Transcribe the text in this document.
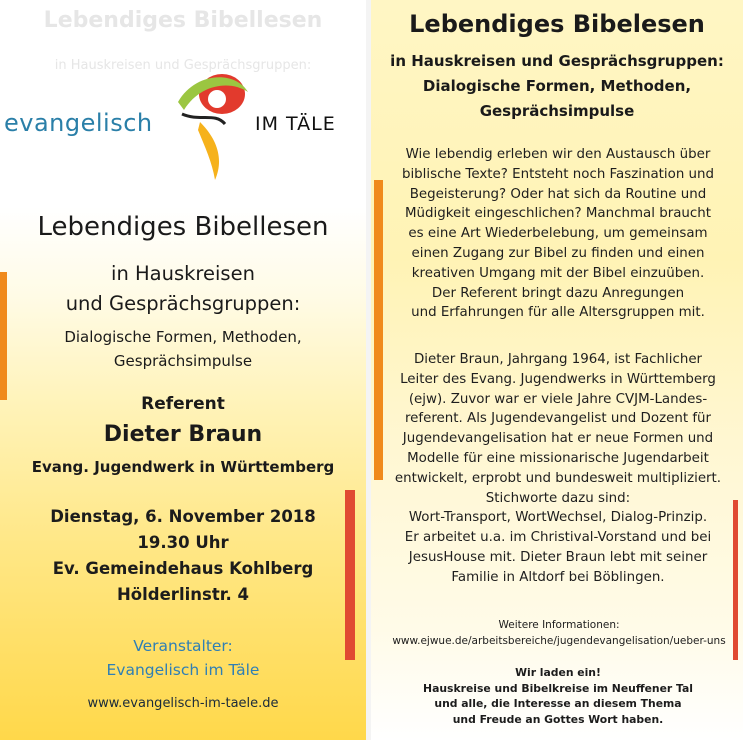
Lebendiges Bibellesen
in Hauskreisen und Gesprächsgruppen:
evangelisch	IM TÄLE
Lebendiges Bibellesen
in Hauskreisen
und Gesprächsgruppen:
Dialogische Formen, Methoden,
Gesprächsimpulse
Referent
Dieter Braun
Evang. Jugendwerk in Württemberg
Dienstag, 6. November 2018
19.30 Uhr
Ev. Gemeindehaus Kohlberg
Hölderlinstr. 4
Veranstalter:
Evangelisch im Täle
www.evangelisch-im-taele.de
Lebendiges Bibelesen
in Hauskreisen und Gesprächsgruppen:
Dialogische Formen, Methoden,
Gesprächsimpulse
Wie lebendig erleben wir den Austausch über
biblische Texte? Entsteht noch Faszination und
Begeisterung? Oder hat sich da Routine und
Müdigkeit eingeschlichen? Manchmal braucht
es eine Art Wiederbelebung, um gemeinsam
einen Zugang zur Bibel zu finden und einen
kreativen Umgang mit der Bibel einzuüben.
Der Referent bringt dazu Anregungen
und Erfahrungen für alle Altersgruppen mit.
Dieter Braun, Jahrgang 1964, ist Fachlicher
Leiter des Evang. Jugendwerks in Württemberg
(ejw). Zuvor war er viele Jahre CVJM-Landes-
referent. Als Jugendevangelist und Dozent für
Jugendevangelisation hat er neue Formen und
Modelle für eine missionarische Jugendarbeit
entwickelt, erprobt und bundesweit multipliziert.
Stichworte dazu sind:
Wort-Transport, WortWechsel, Dialog-Prinzip.
Er arbeitet u.a. im Christival-Vorstand und bei
JesusHouse mit. Dieter Braun lebt mit seiner
Familie in Altdorf bei Böblingen.
Weitere Informationen:
www.ejwue.de/arbeitsbereiche/jugendevangelisation/ueber-uns
Wir laden ein!
Hauskreise und Bibelkreise im Neuffener Tal
und alle, die Interesse an diesem Thema
und Freude an Gottes Wort haben.
